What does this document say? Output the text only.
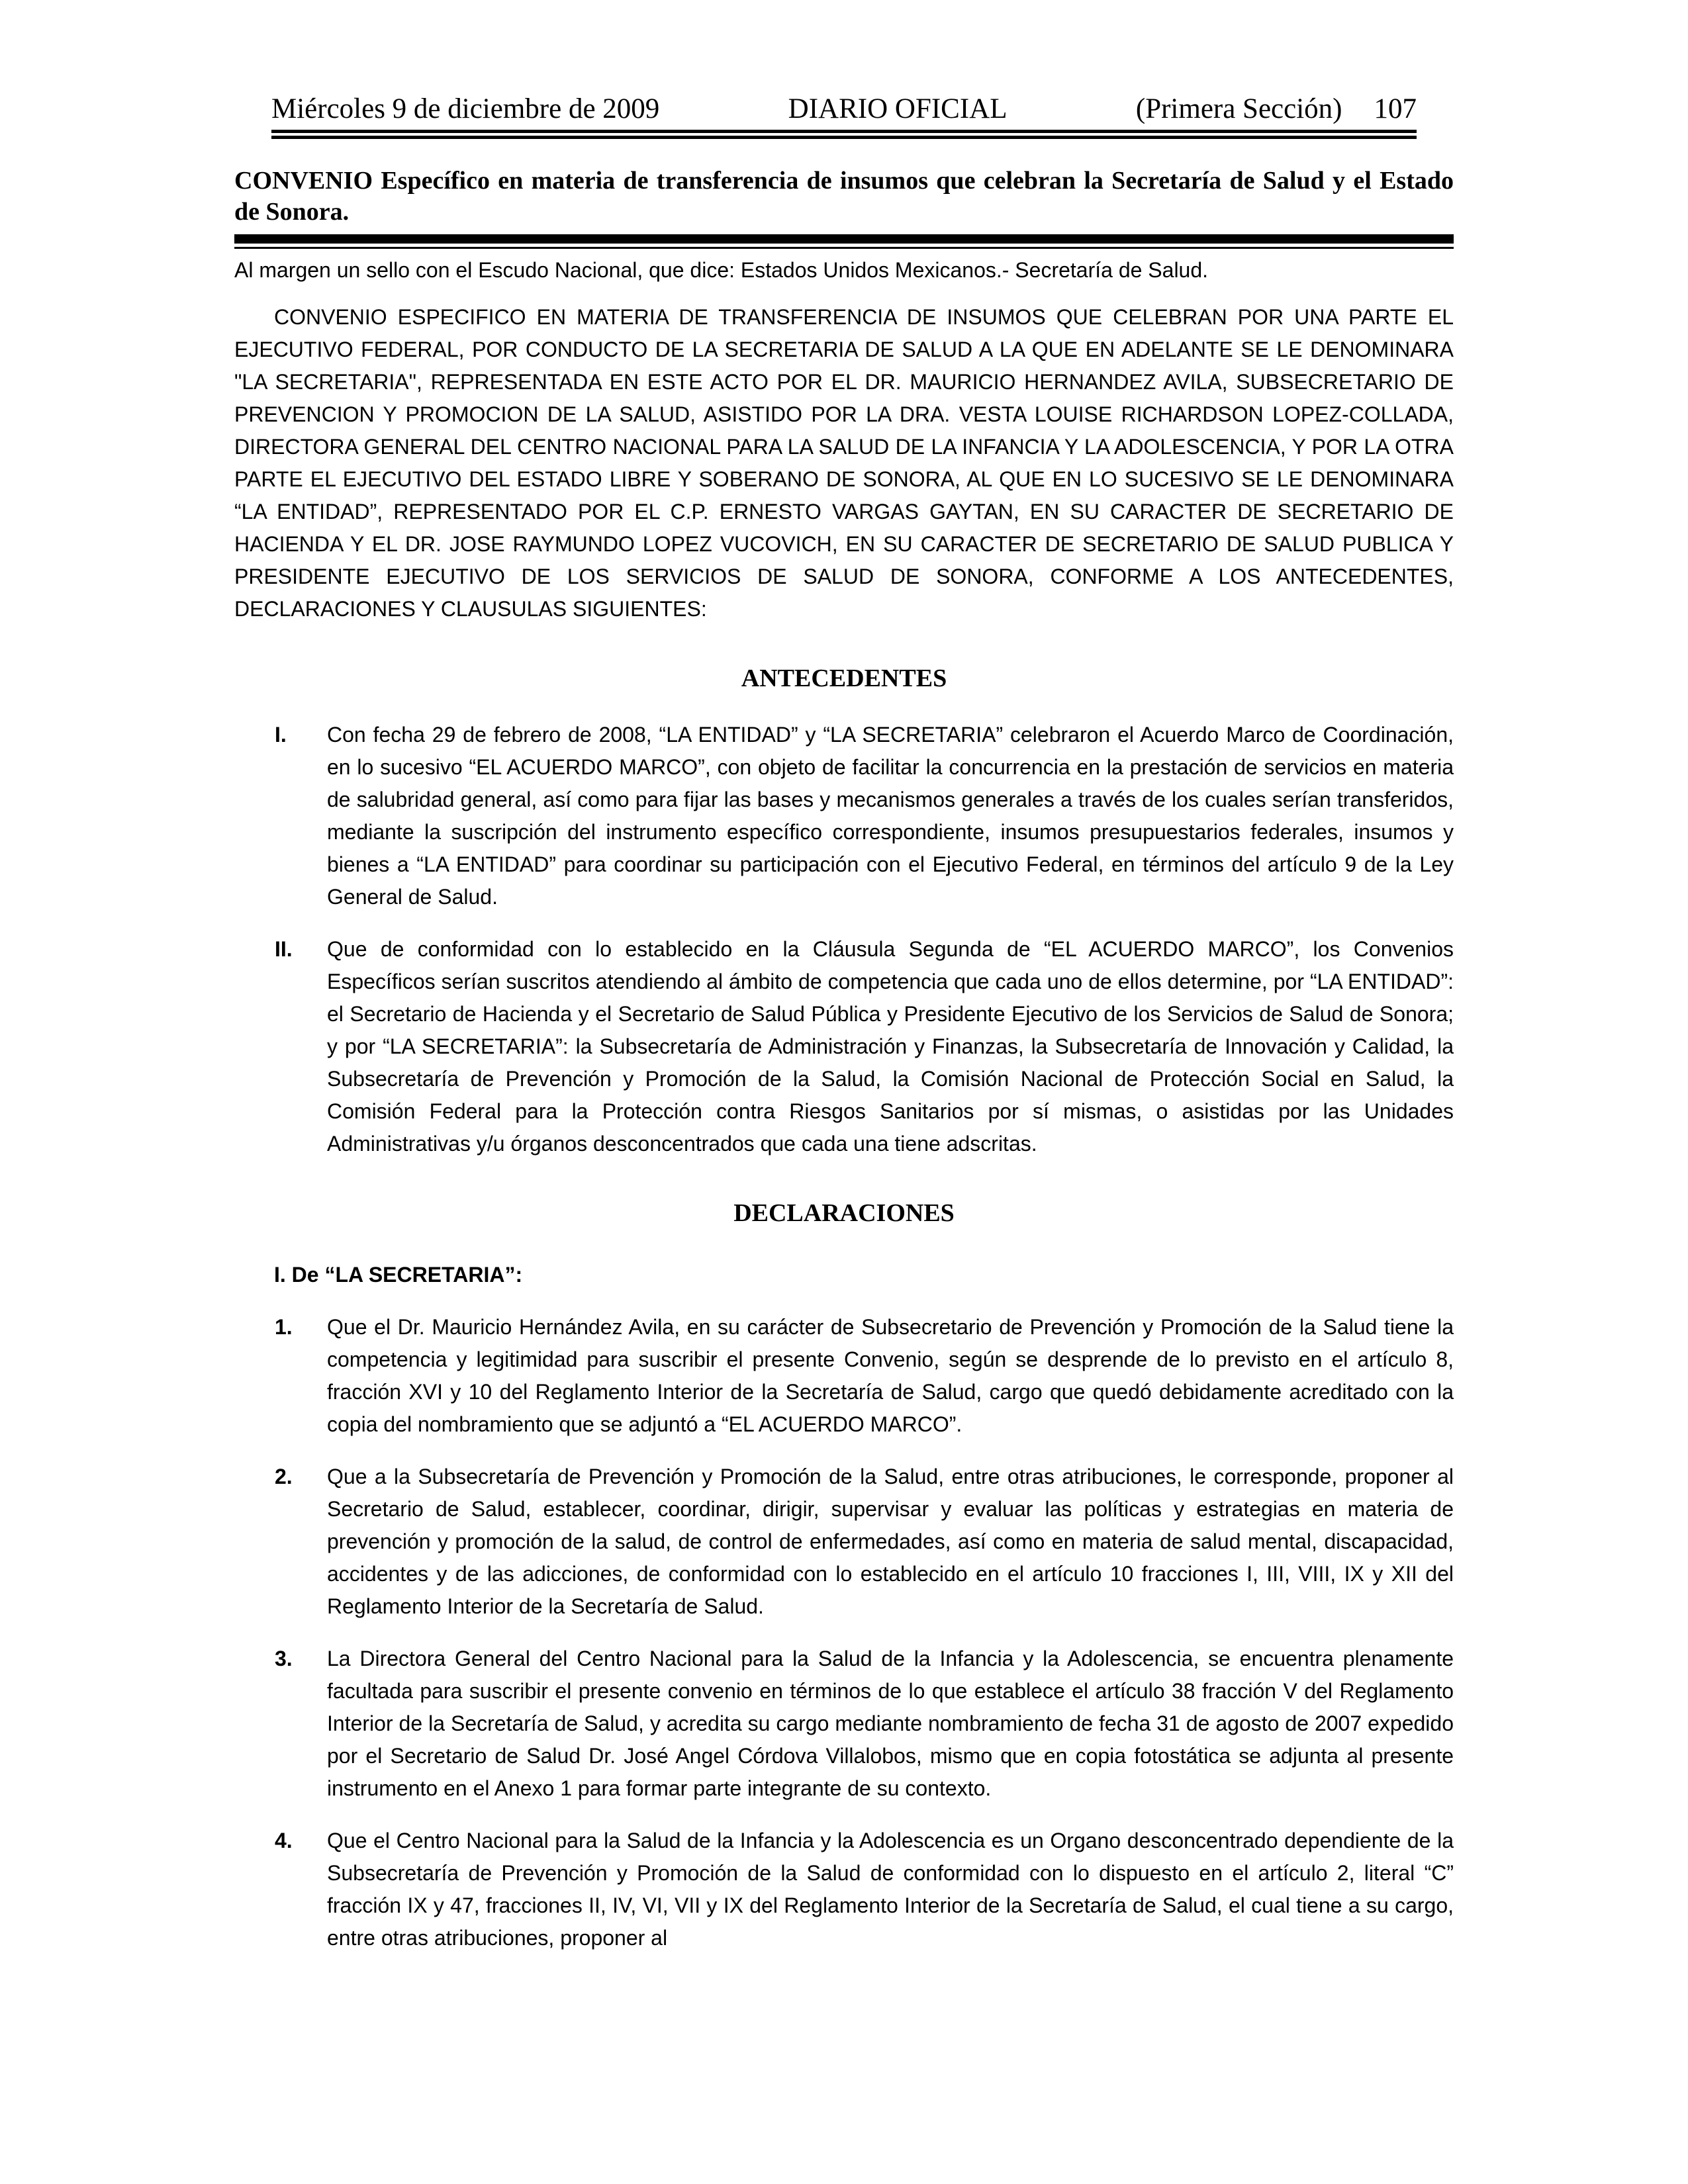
Miércoles 9 de diciembre de 2009	DIARIO OFICIAL	(Primera Sección) 107
CONVENIO Específico en materia de transferencia de insumos que celebran la Secretaría de Salud y el Estado de Sonora.

Al margen un sello con el Escudo Nacional, que dice: Estados Unidos Mexicanos.- Secretaría de Salud.

CONVENIO ESPECIFICO EN MATERIA DE TRANSFERENCIA DE INSUMOS QUE CELEBRAN POR UNA PARTE EL EJECUTIVO FEDERAL, POR CONDUCTO DE LA SECRETARIA DE SALUD A LA QUE EN ADELANTE SE LE DENOMINARA "LA SECRETARIA", REPRESENTADA EN ESTE ACTO POR EL DR. MAURICIO HERNANDEZ AVILA, SUBSECRETARIO DE PREVENCION Y PROMOCION DE LA SALUD, ASISTIDO POR LA DRA. VESTA LOUISE RICHARDSON LOPEZ-COLLADA, DIRECTORA GENERAL DEL CENTRO NACIONAL PARA LA SALUD DE LA INFANCIA Y LA ADOLESCENCIA, Y POR LA OTRA PARTE EL EJECUTIVO DEL ESTADO LIBRE Y SOBERANO DE SONORA, AL QUE EN LO SUCESIVO SE LE DENOMINARA “LA ENTIDAD”, REPRESENTADO POR EL C.P. ERNESTO VARGAS GAYTAN, EN SU CARACTER DE SECRETARIO DE HACIENDA Y EL DR. JOSE RAYMUNDO LOPEZ VUCOVICH, EN SU CARACTER DE SECRETARIO DE SALUD PUBLICA Y PRESIDENTE EJECUTIVO DE LOS SERVICIOS DE SALUD DE SONORA, CONFORME A LOS ANTECEDENTES, DECLARACIONES Y CLAUSULAS SIGUIENTES:

ANTECEDENTES
I.	Con fecha 29 de febrero de 2008, “LA ENTIDAD” y “LA SECRETARIA” celebraron el Acuerdo Marco de Coordinación, en lo sucesivo “EL ACUERDO MARCO”, con objeto de facilitar la concurrencia en la prestación de servicios en materia de salubridad general, así como para fijar las bases y mecanismos generales a través de los cuales serían transferidos, mediante la suscripción del instrumento específico correspondiente, insumos presupuestarios federales, insumos y bienes a “LA ENTIDAD” para coordinar su participación con el Ejecutivo Federal, en términos del artículo 9 de la Ley General de Salud.
II.	Que de conformidad con lo establecido en la Cláusula Segunda de “EL ACUERDO MARCO”, los Convenios Específicos serían suscritos atendiendo al ámbito de competencia que cada uno de ellos determine, por “LA ENTIDAD”: el Secretario de Hacienda y el Secretario de Salud Pública y Presidente Ejecutivo de los Servicios de Salud de Sonora; y por “LA SECRETARIA”: la Subsecretaría de Administración y Finanzas, la Subsecretaría de Innovación y Calidad, la Subsecretaría de Prevención y Promoción de la Salud, la Comisión Nacional de Protección Social en Salud, la Comisión Federal para la Protección contra Riesgos Sanitarios por sí mismas, o asistidas por las Unidades Administrativas y/u órganos desconcentrados que cada una tiene adscritas.
DECLARACIONES

I. De “LA SECRETARIA”:

1.	Que el Dr. Mauricio Hernández Avila, en su carácter de Subsecretario de Prevención y Promoción de la Salud tiene la competencia y legitimidad para suscribir el presente Convenio, según se desprende de lo previsto en el artículo 8, fracción XVI y 10 del Reglamento Interior de la Secretaría de Salud, cargo que quedó debidamente acreditado con la copia del nombramiento que se adjuntó a “EL ACUERDO MARCO”.
2.	Que a la Subsecretaría de Prevención y Promoción de la Salud, entre otras atribuciones, le corresponde, proponer al Secretario de Salud, establecer, coordinar, dirigir, supervisar y evaluar las políticas y estrategias en materia de prevención y promoción de la salud, de control de enfermedades, así como en materia de salud mental, discapacidad, accidentes y de las adicciones, de conformidad con lo establecido en el artículo 10 fracciones I, III, VIII, IX y XII del Reglamento Interior de la Secretaría de Salud.
3.	La Directora General del Centro Nacional para la Salud de la Infancia y la Adolescencia, se encuentra plenamente facultada para suscribir el presente convenio en términos de lo que establece el artículo 38 fracción V del Reglamento Interior de la Secretaría de Salud, y acredita su cargo mediante nombramiento de fecha 31 de agosto de 2007 expedido por el Secretario de Salud Dr. José Angel Córdova Villalobos, mismo que en copia fotostática se adjunta al presente instrumento en el Anexo 1 para formar parte integrante de su contexto.
4.	Que el Centro Nacional para la Salud de la Infancia y la Adolescencia es un Organo desconcentrado dependiente de la Subsecretaría de Prevención y Promoción de la Salud de conformidad con lo dispuesto en el artículo 2, literal “C” fracción IX y 47, fracciones II, IV, VI, VII y IX del Reglamento Interior de la Secretaría de Salud, el cual tiene a su cargo, entre otras atribuciones, proponer al
